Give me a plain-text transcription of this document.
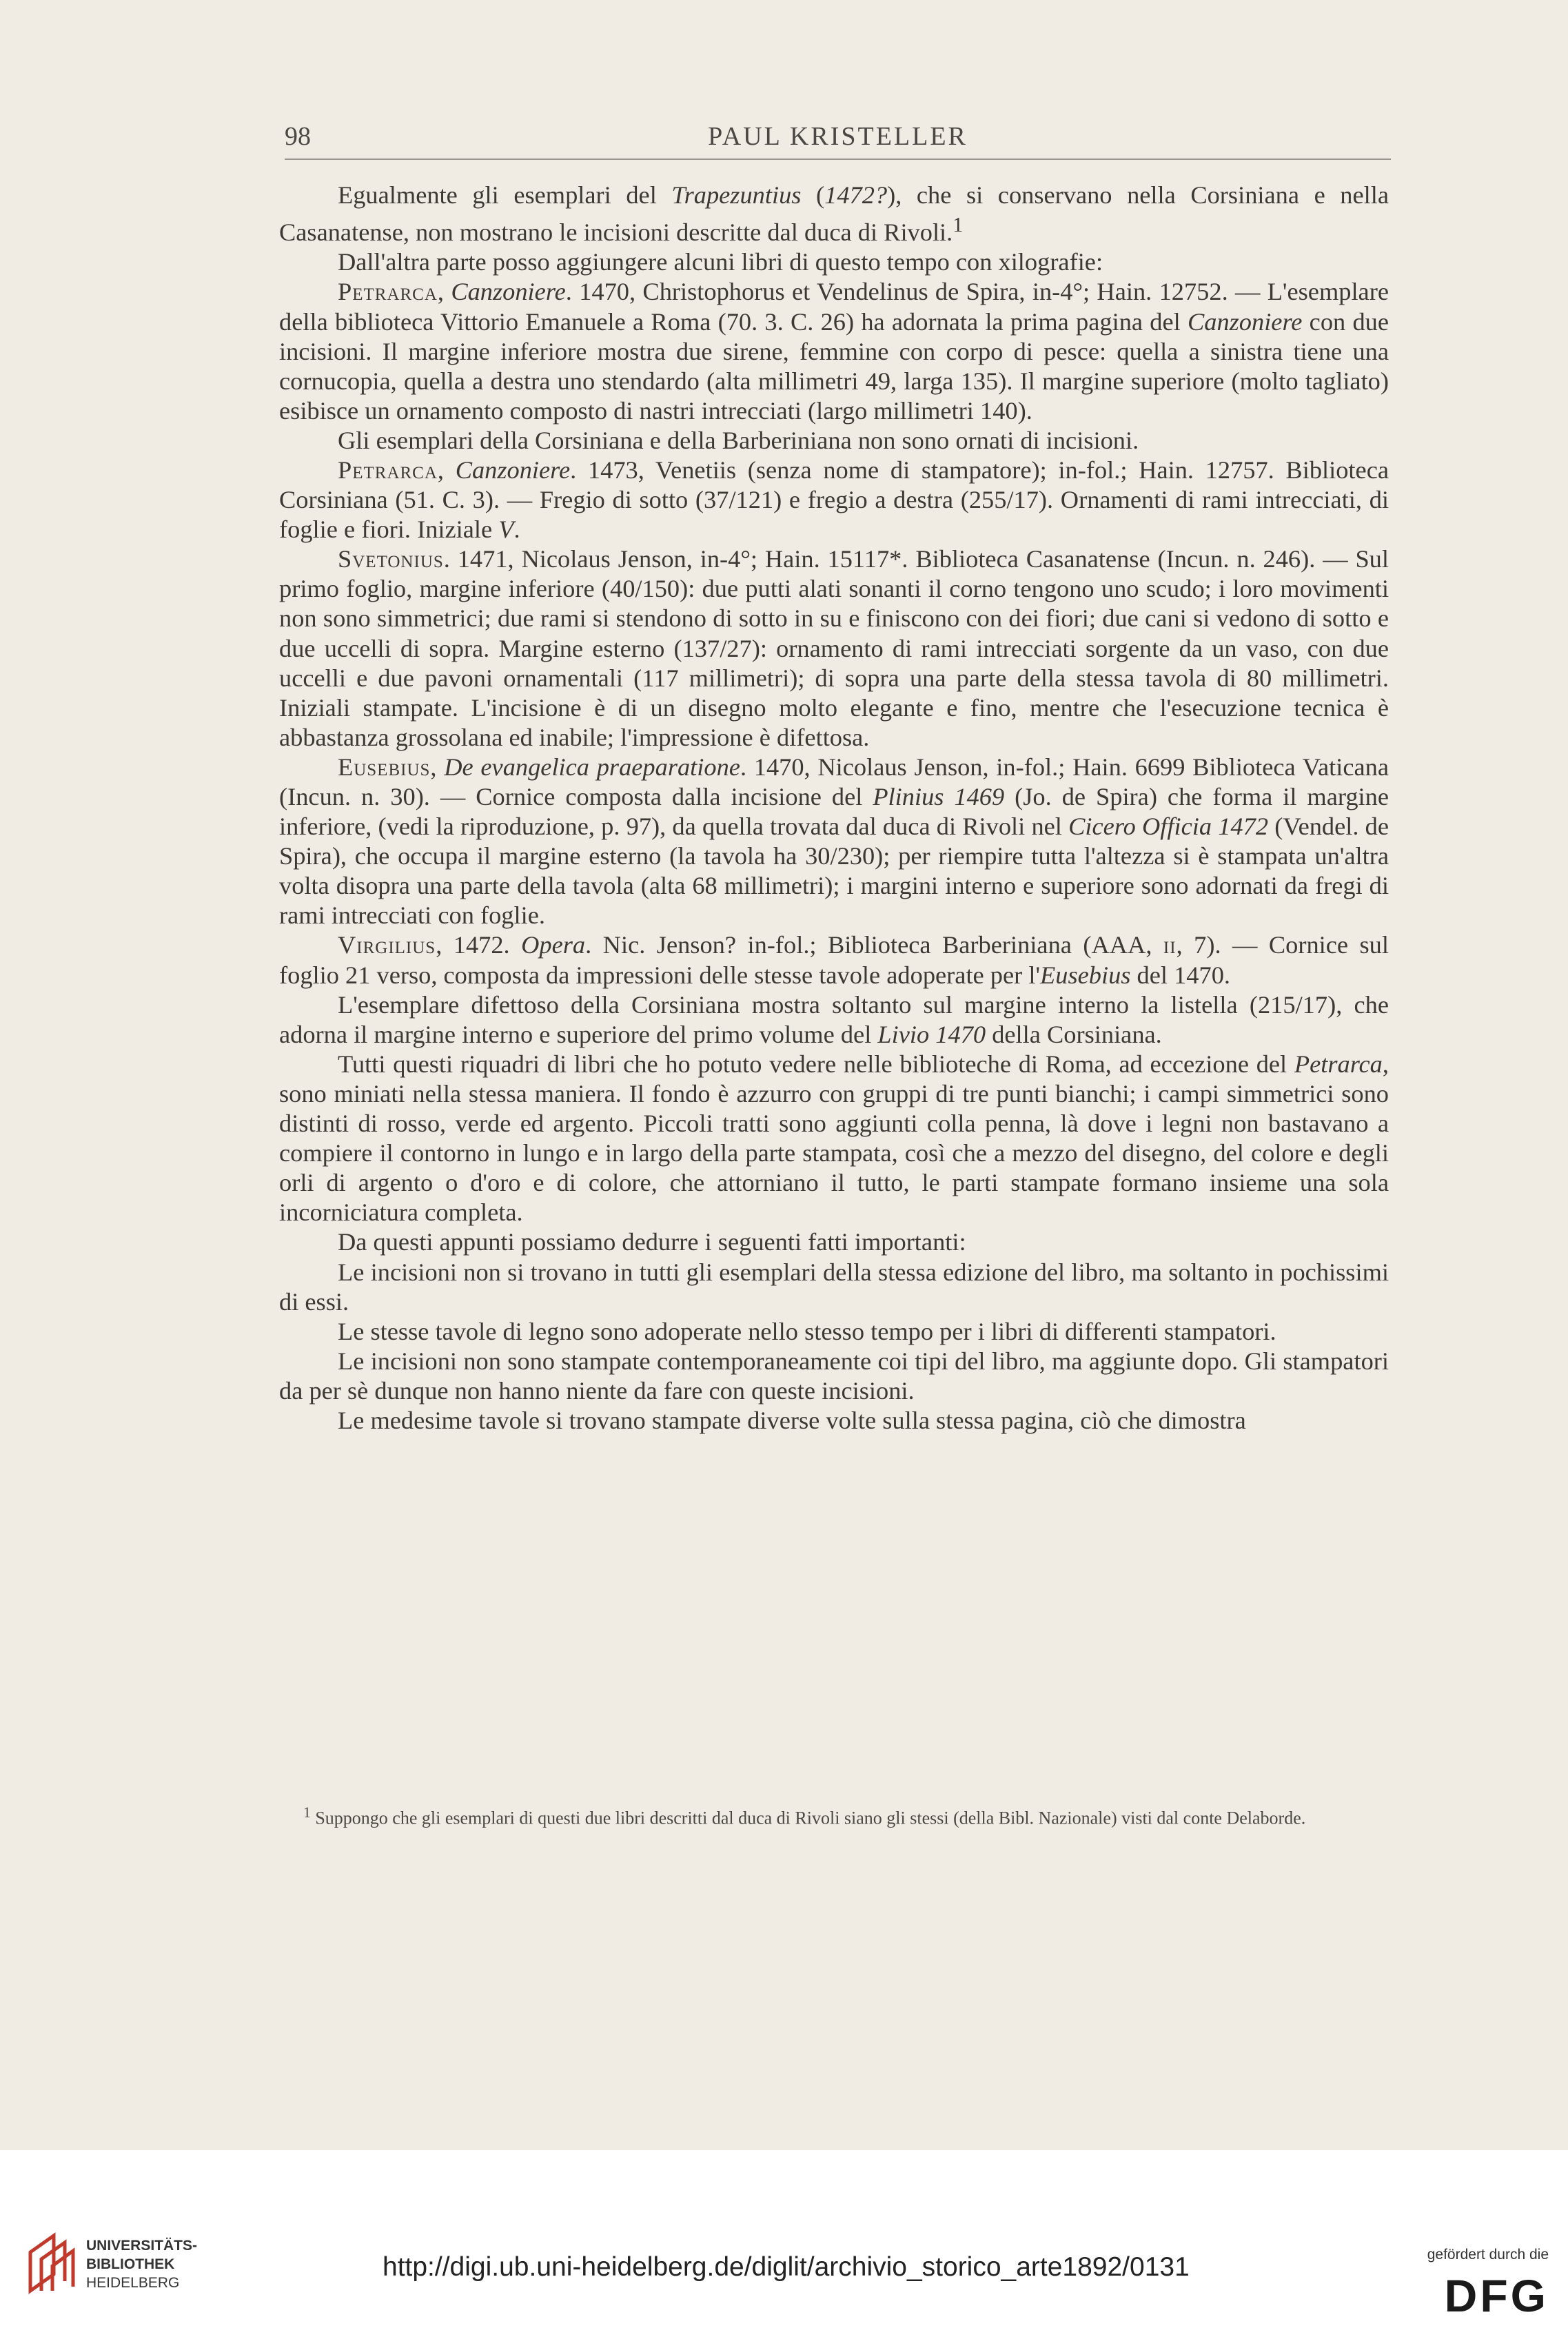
98	PAUL KRISTELLER

Egualmente gli esemplari del Trapezuntius (1472?), che si conservano nella Corsiniana e nella Casanatense, non mostrano le incisioni descritte dal duca di Rivoli.$^1$

Dall'altra parte posso aggiungere alcuni libri di questo tempo con xilografie:

Petrarca, Canzoniere. 1470, Christophorus et Vendelinus de Spira, in-4°; Hain. 12752. — L'esemplare della biblioteca Vittorio Emanuele a Roma (70. 3. C. 26) ha adornata la prima pagina del Canzoniere con due incisioni. Il margine inferiore mostra due sirene, femmine con corpo di pesce: quella a sinistra tiene una cornucopia, quella a destra uno stendardo (alta millimetri 49, larga 135). Il margine superiore (molto tagliato) esibisce un ornamento composto di nastri intrecciati (largo millimetri 140).

Gli esemplari della Corsiniana e della Barberiniana non sono ornati di incisioni.

Petrarca, Canzoniere. 1473, Venetiis (senza nome di stampatore); in-fol.; Hain. 12757. Biblioteca Corsiniana (51. C. 3). — Fregio di sotto (37/121) e fregio a destra (255/17). Ornamenti di rami intrecciati, di foglie e fiori. Iniziale V.

Svetonius. 1471, Nicolaus Jenson, in-4°; Hain. 15117*. Biblioteca Casanatense (Incun. n. 246). — Sul primo foglio, margine inferiore (40/150): due putti alati sonanti il corno tengono uno scudo; i loro movimenti non sono simmetrici; due rami si stendono di sotto in su e finiscono con dei fiori; due cani si vedono di sotto e due uccelli di sopra. Margine esterno (137/27): ornamento di rami intrecciati sorgente da un vaso, con due uccelli e due pavoni ornamentali (117 millimetri); di sopra una parte della stessa tavola di 80 millimetri. Iniziali stampate. L'incisione è di un disegno molto elegante e fino, mentre che l'esecuzione tecnica è abbastanza grossolana ed inabile; l'impressione è difettosa.

Eusebius, De evangelica praeparatione. 1470, Nicolaus Jenson, in-fol.; Hain. 6699 Biblioteca Vaticana (Incun. n. 30). — Cornice composta dalla incisione del Plinius 1469 (Jo. de Spira) che forma il margine inferiore, (vedi la riproduzione, p. 97), da quella trovata dal duca di Rivoli nel Cicero Officia 1472 (Vendel. de Spira), che occupa il margine esterno (la tavola ha 30/230); per riempire tutta l'altezza si è stampata un'altra volta disopra una parte della tavola (alta 68 millimetri); i margini interno e superiore sono adornati da fregi di rami intrecciati con foglie.

Virgilius, 1472. Opera. Nic. Jenson? in-fol.; Biblioteca Barberiniana (AAA, ii, 7). — Cornice sul foglio 21 verso, composta da impressioni delle stesse tavole adoperate per l'Eusebius del 1470.

L'esemplare difettoso della Corsiniana mostra soltanto sul margine interno la listella (215/17), che adorna il margine interno e superiore del primo volume del Livio 1470 della Corsiniana.

Tutti questi riquadri di libri che ho potuto vedere nelle biblioteche di Roma, ad eccezione del Petrarca, sono miniati nella stessa maniera. Il fondo è azzurro con gruppi di tre punti bianchi; i campi simmetrici sono distinti di rosso, verde ed argento. Piccoli tratti sono aggiunti colla penna, là dove i legni non bastavano a compiere il contorno in lungo e in largo della parte stampata, così che a mezzo del disegno, del colore e degli orli di argento o d'oro e di colore, che attorniano il tutto, le parti stampate formano insieme una sola incorniciatura completa.

Da questi appunti possiamo dedurre i seguenti fatti importanti:

Le incisioni non si trovano in tutti gli esemplari della stessa edizione del libro, ma soltanto in pochissimi di essi.

Le stesse tavole di legno sono adoperate nello stesso tempo per i libri di differenti stampatori.

Le incisioni non sono stampate contemporaneamente coi tipi del libro, ma aggiunte dopo. Gli stampatori da per sè dunque non hanno niente da fare con queste incisioni.

Le medesime tavole si trovano stampate diverse volte sulla stessa pagina, ciò che dimostra

$^1$ Suppongo che gli esemplari di questi due libri descritti dal duca di Rivoli siano gli stessi (della Bibl. Nazionale) visti dal conte Delaborde.

UNIVERSITÄTS-
BIBLIOTHEK
HEIDELBERG
http://digi.ub.uni-heidelberg.de/diglit/archivio_storico_arte1892/0131	gefördert durch die
DFG
